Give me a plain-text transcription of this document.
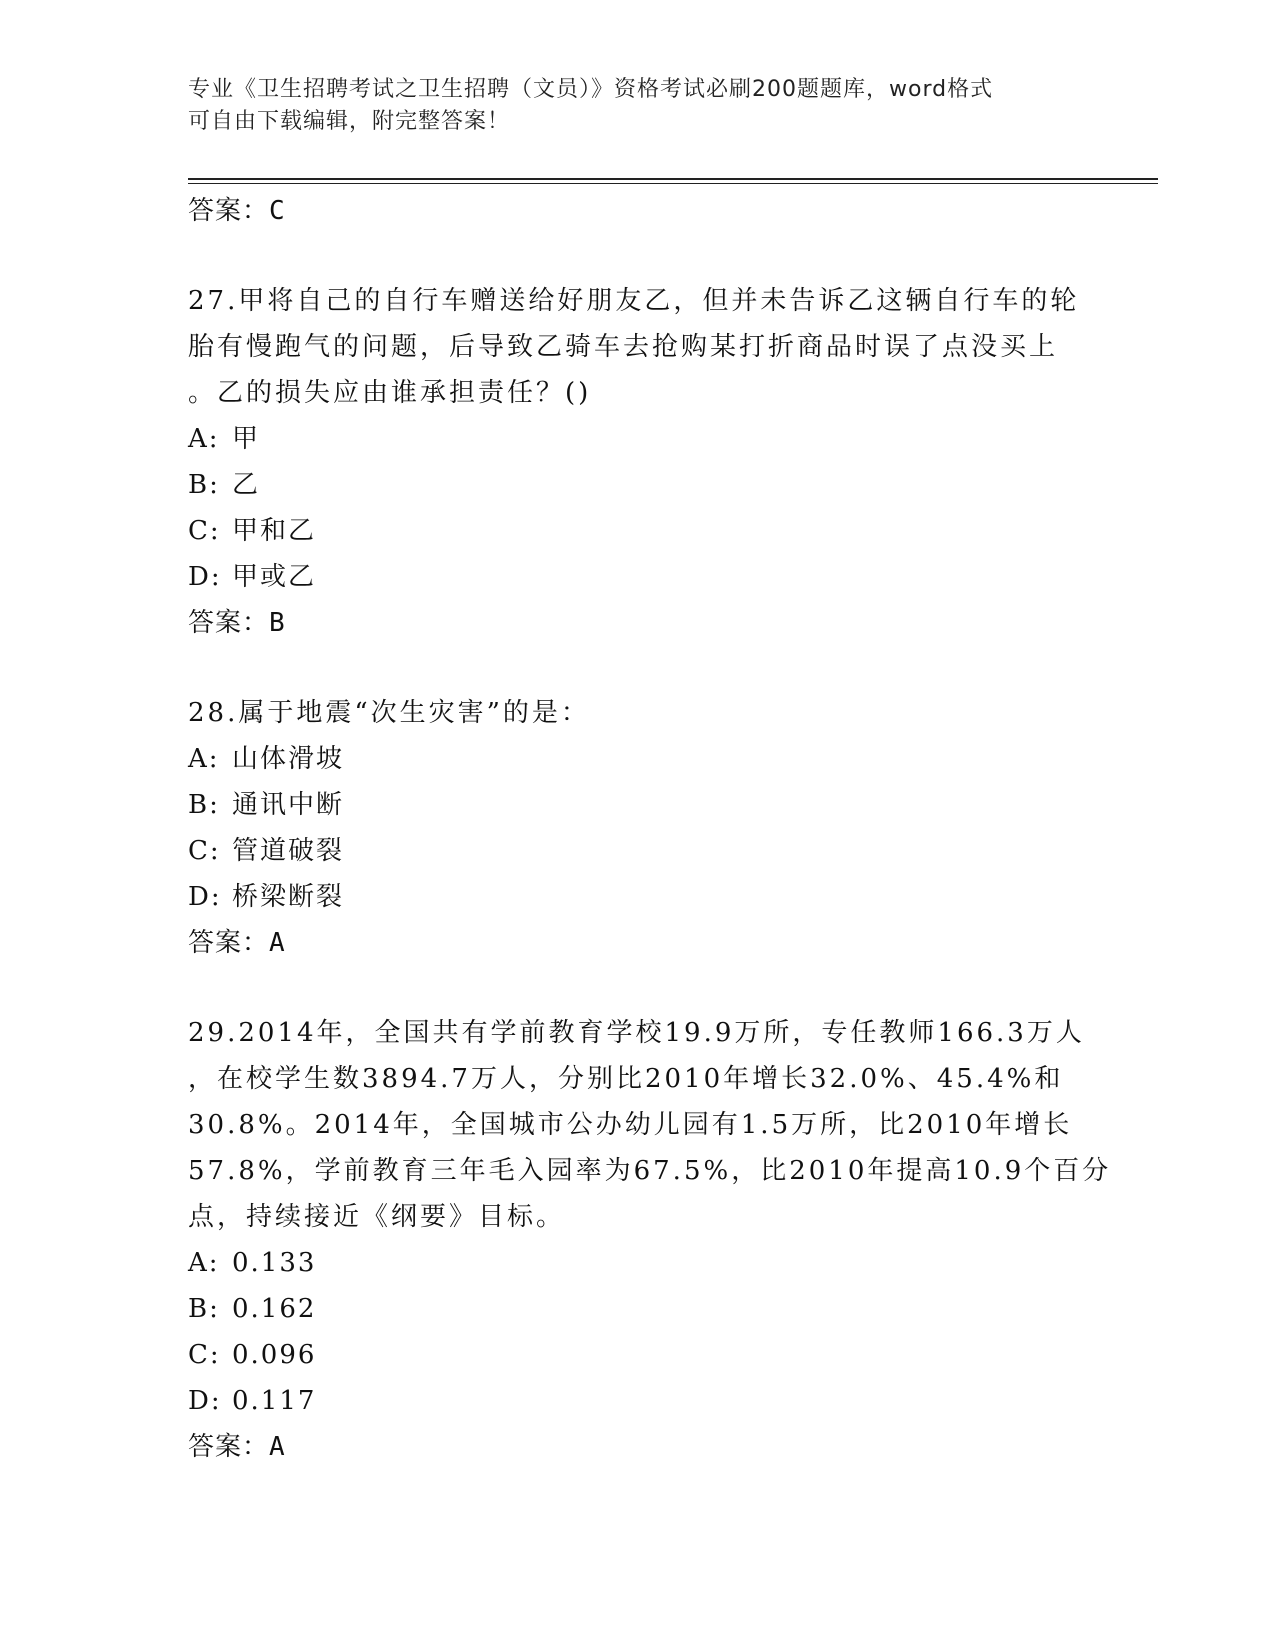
专业《卫生招聘考试之卫生招聘（文员）》资格考试必刷200题题库，word格式
可自由下载编辑，附完整答案！
答案：C
27.甲将自己的自行车赠送给好朋友乙，但并未告诉乙这辆自行车的轮
胎有慢跑气的问题，后导致乙骑车去抢购某打折商品时误了点没买上
。乙的损失应由谁承担责任？()
A: 甲
B: 乙
C: 甲和乙
D: 甲或乙
答案：B
28.属于地震“次生灾害”的是：
A: 山体滑坡
B: 通讯中断
C: 管道破裂
D: 桥梁断裂
答案：A
29.2014年，全国共有学前教育学校19.9万所，专任教师166.3万人
，在校学生数3894.7万人，分别比2010年增长32.0%、45.4%和
30.8%。2014年，全国城市公办幼儿园有1.5万所，比2010年增长
57.8%，学前教育三年毛入园率为67.5%，比2010年提高10.9个百分
点，持续接近《纲要》目标。
A: 0.133
B: 0.162
C: 0.096
D: 0.117
答案：A
